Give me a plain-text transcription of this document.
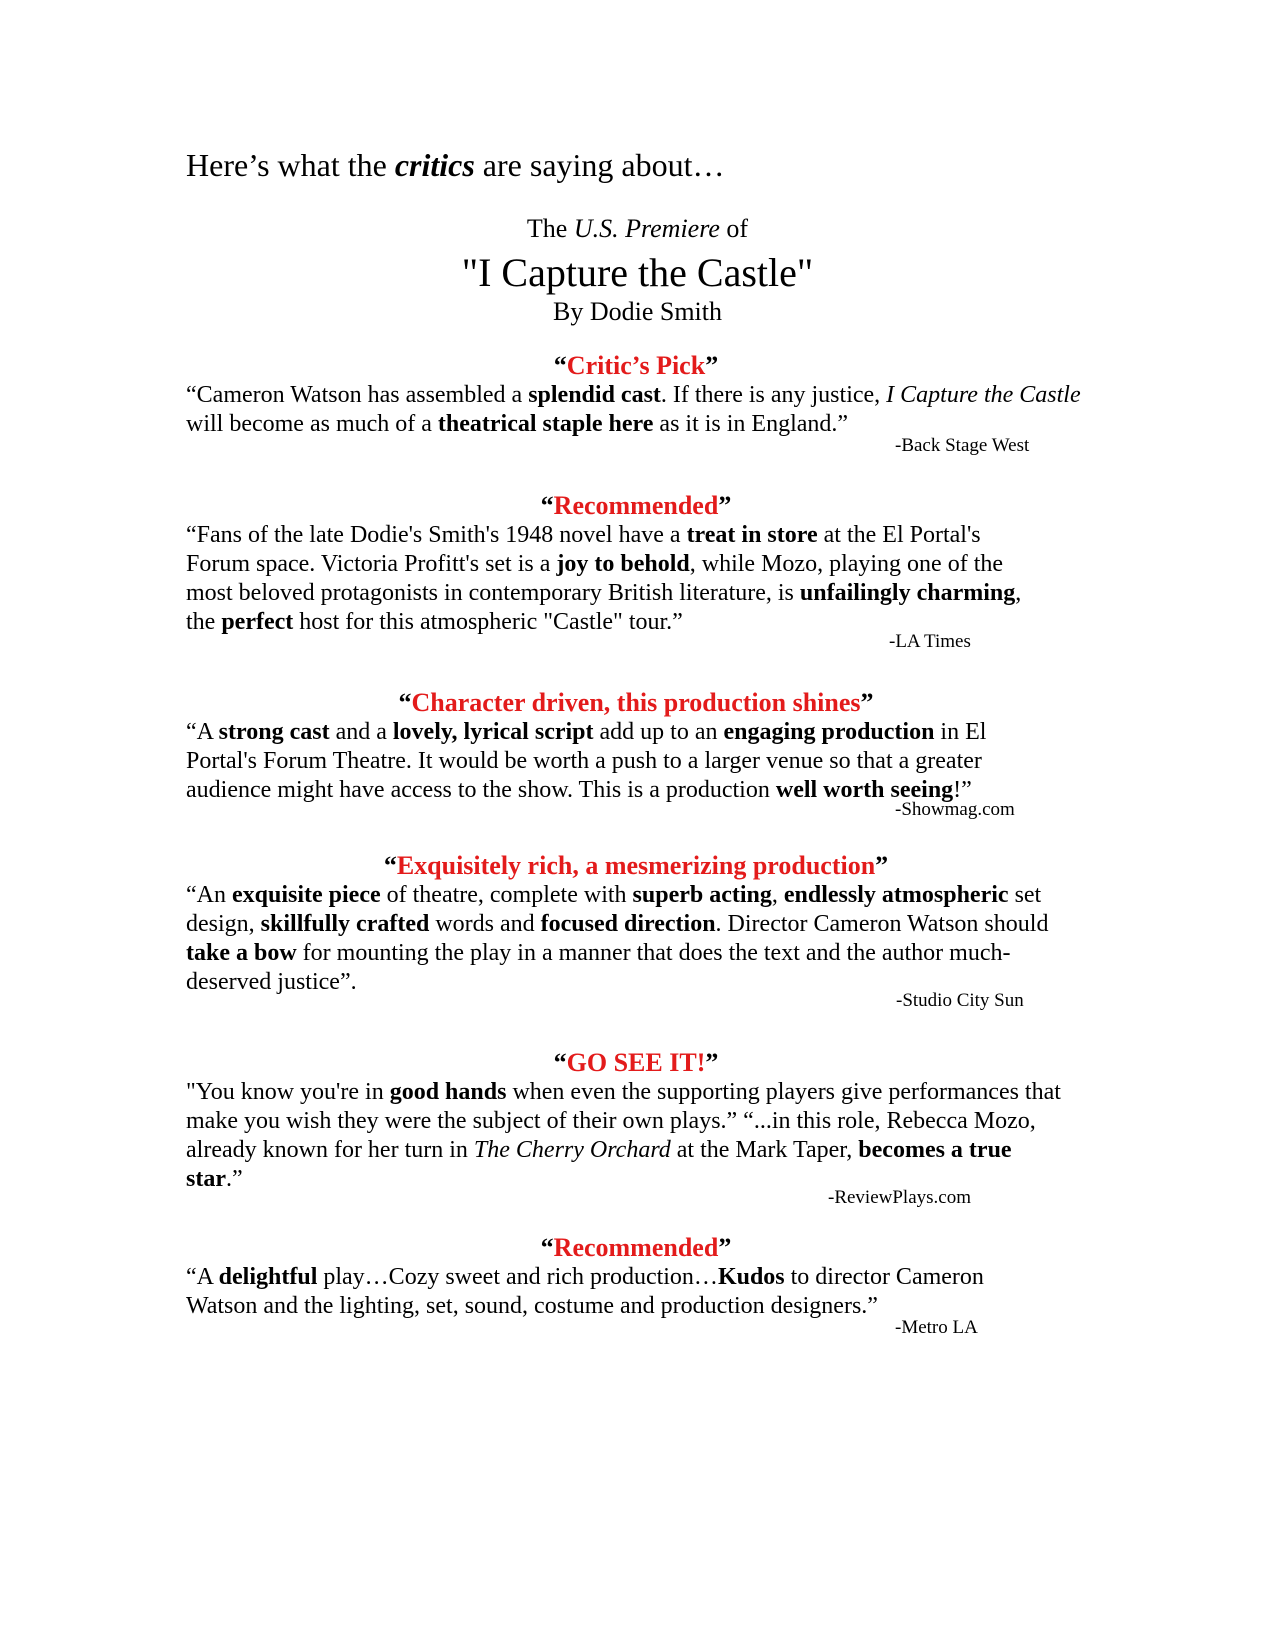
Here’s what the critics are saying about…

The U.S. Premiere of

"I Capture the Castle"

By Dodie Smith

“Critic’s Pick”
“Cameron Watson has assembled a splendid cast. If there is any justice, I Capture the Castle will become as much of a theatrical staple here as it is in England.”
-Back Stage West
“Recommended”
“Fans of the late Dodie's Smith's 1948 novel have a treat in store at the El Portal's Forum space. Victoria Profitt's set is a joy to behold, while Mozo, playing one of the most beloved protagonists in contemporary British literature, is unfailingly charming, the perfect host for this atmospheric "Castle" tour.”
-LA Times
“Character driven, this production shines”
“A strong cast and a lovely, lyrical script add up to an engaging production in El Portal's Forum Theatre. It would be worth a push to a larger venue so that a greater audience might have access to the show. This is a production well worth seeing!”
-Showmag.com
“Exquisitely rich, a mesmerizing production”
“An exquisite piece of theatre, complete with superb acting, endlessly atmospheric set design, skillfully crafted words and focused direction. Director Cameron Watson should take a bow for mounting the play in a manner that does the text and the author much-deserved justice”.
-Studio City Sun
“GO SEE IT!”
"You know you're in good hands when even the supporting players give performances that make you wish they were the subject of their own plays.” “...in this role, Rebecca Mozo, already known for her turn in The Cherry Orchard at the Mark Taper, becomes a true star.”
-ReviewPlays.com
“Recommended”
“A delightful play…Cozy sweet and rich production…Kudos to director Cameron Watson and the lighting, set, sound, costume and production designers.”
-Metro LA
